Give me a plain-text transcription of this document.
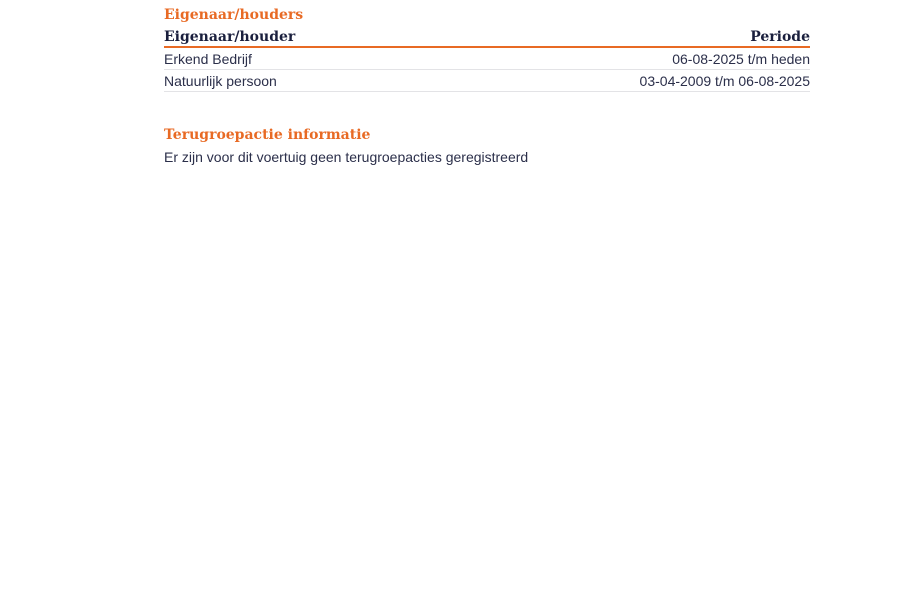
Eigenaar/houders
Eigenaar/houder	Periode
Erkend Bedrijf	06-08-2025 t/m heden
Natuurlijk persoon	03-04-2009 t/m 06-08-2025
Terugroepactie informatie

Er zijn voor dit voertuig geen terugroepacties geregistreerd
